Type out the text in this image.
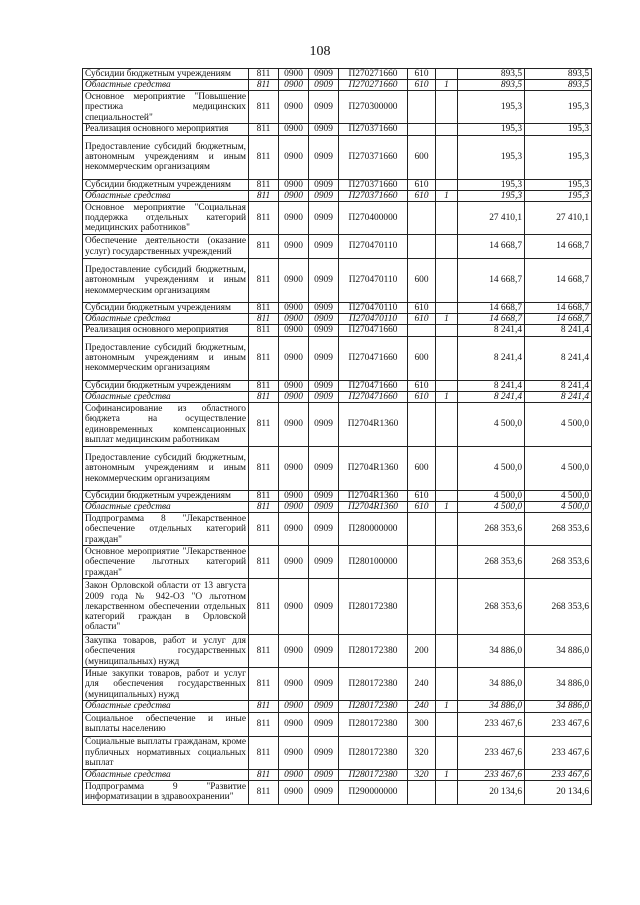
108
Субсидии бюджетным учреждениям	811	0900	0909	П270271660	610		893,5	893,5
Областные средства	811	0900	0909	П270271660	610	1	893,5	893,5
Основное мероприятие "Повышение престижа медицинских специальностей"	811	0900	0909	П270300000			195,3	195,3
Реализация основного мероприятия	811	0900	0909	П270371660			195,3	195,3
Предоставление субсидий бюджетным, автономным учреждениям и иным некоммерческим организациям	811	0900	0909	П270371660	600		195,3	195,3
Субсидии бюджетным учреждениям	811	0900	0909	П270371660	610		195,3	195,3
Областные средства	811	0900	0909	П270371660	610	1	195,3	195,3
Основное мероприятие "Социальная поддержка отдельных категорий медицинских работников"	811	0900	0909	П270400000			27 410,1	27 410,1
Обеспечение деятельности (оказание услуг) государственных учреждений	811	0900	0909	П270470110			14 668,7	14 668,7
Предоставление субсидий бюджетным, автономным учреждениям и иным некоммерческим организациям	811	0900	0909	П270470110	600		14 668,7	14 668,7
Субсидии бюджетным учреждениям	811	0900	0909	П270470110	610		14 668,7	14 668,7
Областные средства	811	0900	0909	П270470110	610	1	14 668,7	14 668,7
Реализация основного мероприятия	811	0900	0909	П270471660			8 241,4	8 241,4
Предоставление субсидий бюджетным, автономным учреждениям и иным некоммерческим организациям	811	0900	0909	П270471660	600		8 241,4	8 241,4
Субсидии бюджетным учреждениям	811	0900	0909	П270471660	610		8 241,4	8 241,4
Областные средства	811	0900	0909	П270471660	610	1	8 241,4	8 241,4
Софинансирование из областного бюджета на осуществление единовременных компенсационных выплат медицинским работникам	811	0900	0909	П2704R1360			4 500,0	4 500,0
Предоставление субсидий бюджетным, автономным учреждениям и иным некоммерческим организациям	811	0900	0909	П2704R1360	600		4 500,0	4 500,0
Субсидии бюджетным учреждениям	811	0900	0909	П2704R1360	610		4 500,0	4 500,0
Областные средства	811	0900	0909	П2704R1360	610	1	4 500,0	4 500,0
Подпрограмма 8 "Лекарственное обеспечение отдельных категорий граждан"	811	0900	0909	П280000000			268 353,6	268 353,6
Основное мероприятие "Лекарственное обеспечение льготных категорий граждан"	811	0900	0909	П280100000			268 353,6	268 353,6
Закон Орловской области от 13 августа 2009 года № 942-ОЗ "О льготном лекарственном обеспечении отдельных категорий граждан в Орловской области"	811	0900	0909	П280172380			268 353,6	268 353,6
Закупка товаров, работ и услуг для обеспечения государственных (муниципальных) нужд	811	0900	0909	П280172380	200		34 886,0	34 886,0
Иные закупки товаров, работ и услуг для обеспечения государственных (муниципальных) нужд	811	0900	0909	П280172380	240		34 886,0	34 886,0
Областные средства	811	0900	0909	П280172380	240	1	34 886,0	34 886,0
Социальное обеспечение и иные выплаты населению	811	0900	0909	П280172380	300		233 467,6	233 467,6
Социальные выплаты гражданам, кроме публичных нормативных социальных выплат	811	0900	0909	П280172380	320		233 467,6	233 467,6
Областные средства	811	0900	0909	П280172380	320	1	233 467,6	233 467,6
Подпрограмма 9 "Развитие информатизации в здравоохранении"	811	0900	0909	П290000000			20 134,6	20 134,6
